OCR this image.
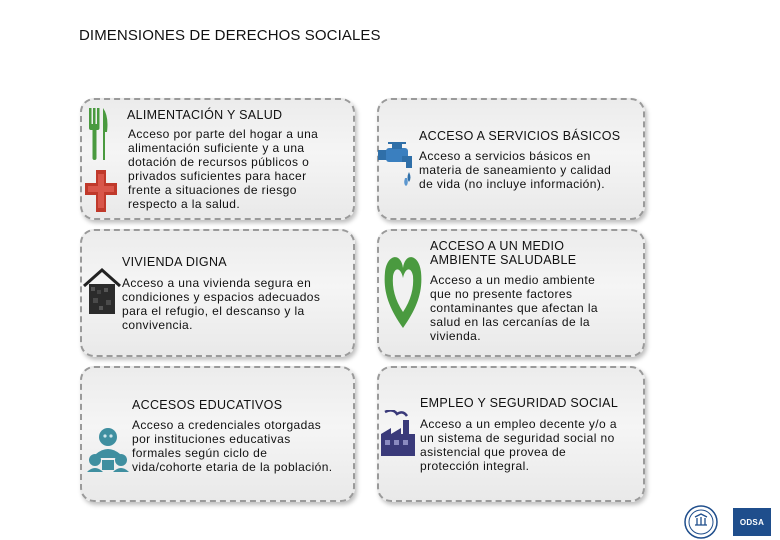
DIMENSIONES DE DERECHOS SOCIALES
ALIMENTACIÓN Y SALUD
Acceso por parte del hogar a una
alimentación suficiente y a una
dotación de recursos públicos o
privados suficientes para hacer
frente a situaciones de riesgo
respecto a la salud.
ACCESO A SERVICIOS BÁSICOS
Acceso a servicios básicos en
materia de saneamiento y calidad
de vida (no incluye información).
VIVIENDA DIGNA
Acceso a una vivienda segura en
condiciones y espacios adecuados
para el refugio, el descanso y la
convivencia.
ACCESO A UN MEDIO
AMBIENTE SALUDABLE
Acceso a un medio ambiente
que no presente factores
contaminantes que afectan la
salud en las cercanías de la
vivienda.
ACCESOS EDUCATIVOS
Acceso a credenciales otorgadas
por instituciones educativas
formales según ciclo de
vida/cohorte etaria de la población.
EMPLEO Y SEGURIDAD SOCIAL
Acceso a un empleo decente y/o a
un sistema de seguridad social no
asistencial que provea de
protección integral.
ODSA
